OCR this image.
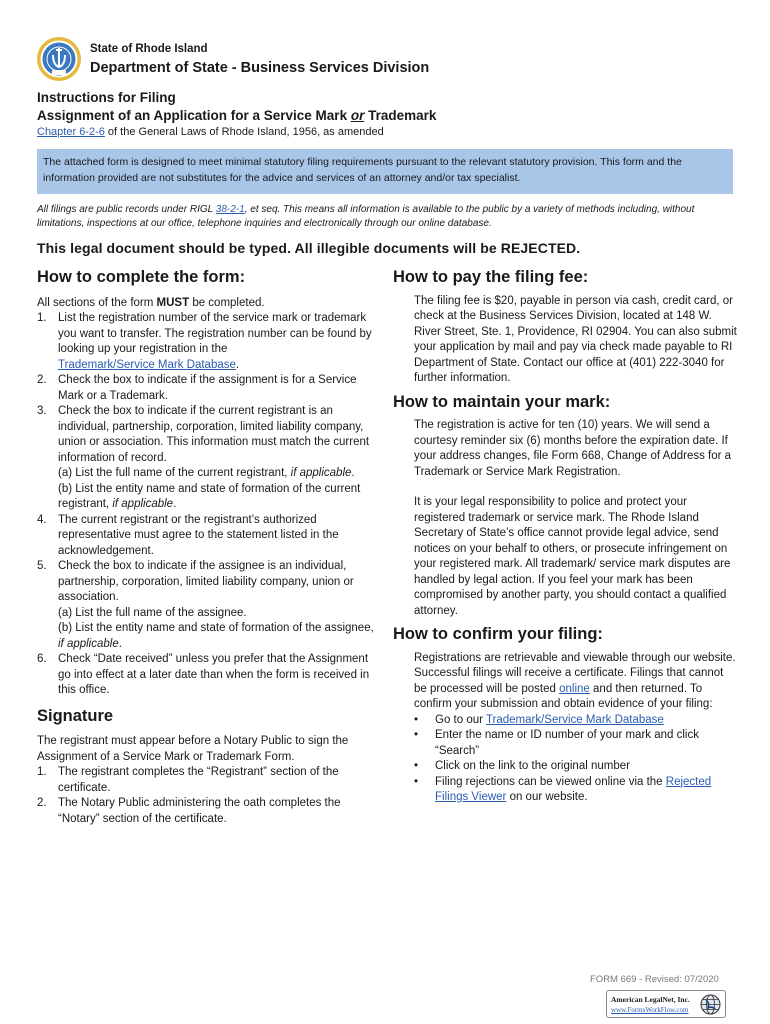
State of Rhode Island
Department of State - Business Services Division
Instructions for Filing
Assignment of an Application for a Service Mark or Trademark
Chapter 6-2-6 of the General Laws of Rhode Island, 1956, as amended
The attached form is designed to meet minimal statutory filing requirements pursuant to the relevant statutory provision. This form and the information provided are not substitutes for the advice and services of an attorney and/or tax specialist.
All filings are public records under RIGL 38-2-1, et seq. This means all information is available to the public by a variety of methods including, without limitations, inspections at our office, telephone inquiries and electronically through our online database.
This legal document should be typed. All illegible documents will be REJECTED.
How to complete the form:
All sections of the form MUST be completed.
1. List the registration number of the service mark or trademark you want to transfer. The registration number can be found by looking up your registration in the
Trademark/Service Mark Database.
2. Check the box to indicate if the assignment is for a Service Mark or a Trademark.
3. Check the box to indicate if the current registrant is an individual, partnership, corporation, limited liability company, union or association. This information must match the current information of record.
(a) List the full name of the current registrant, if applicable.
(b) List the entity name and state of formation of the current registrant, if applicable.
4. The current registrant or the registrant’s authorized representative must agree to the statement listed in the acknowledgement.
5. Check the box to indicate if the assignee is an individual, partnership, corporation, limited liability company, union or association.
(a) List the full name of the assignee.
(b) List the entity name and state of formation of the assignee, if applicable.
6. Check “Date received” unless you prefer that the Assignment go into effect at a later date than when the form is received in this office.
Signature
The registrant must appear before a Notary Public to sign the Assignment of a Service Mark or Trademark Form.
1. The registrant completes the “Registrant” section of the certificate.
2. The Notary Public administering the oath completes the “Notary” section of the certificate.
How to pay the filing fee:
The filing fee is $20, payable in person via cash, credit card, or check at the Business Services Division, located at 148 W. River Street, Ste. 1, Providence, RI 02904. You can also submit your application by mail and pay via check made payable to RI Department of State. Contact our office at (401) 222-3040 for further information.
How to maintain your mark:
The registration is active for ten (10) years. We will send a courtesy reminder six (6) months before the expiration date. If your address changes, file Form 668, Change of Address for a Trademark or Service Mark Registration.
It is your legal responsibility to police and protect your registered trademark or service mark. The Rhode Island Secretary of State’s office cannot provide legal advice, send notices on your behalf to others, or prosecute infringement on your registered mark. All trademark/ service mark disputes are handled by legal action. If you feel your mark has been compromised by another party, you should contact a qualified attorney.
How to confirm your filing:
Registrations are retrievable and viewable through our website. Successful filings will receive a certificate. Filings that cannot be processed will be posted online and then returned. To confirm your submission and obtain evidence of your filing:
• Go to our Trademark/Service Mark Database
• Enter the name or ID number of your mark and click “Search”
• Click on the link to the original number
• Filing rejections can be viewed online via the Rejected Filings Viewer on our website.
FORM 669 - Revised: 07/2020
American LegalNet, Inc.
www.FormsWorkFlow.com
